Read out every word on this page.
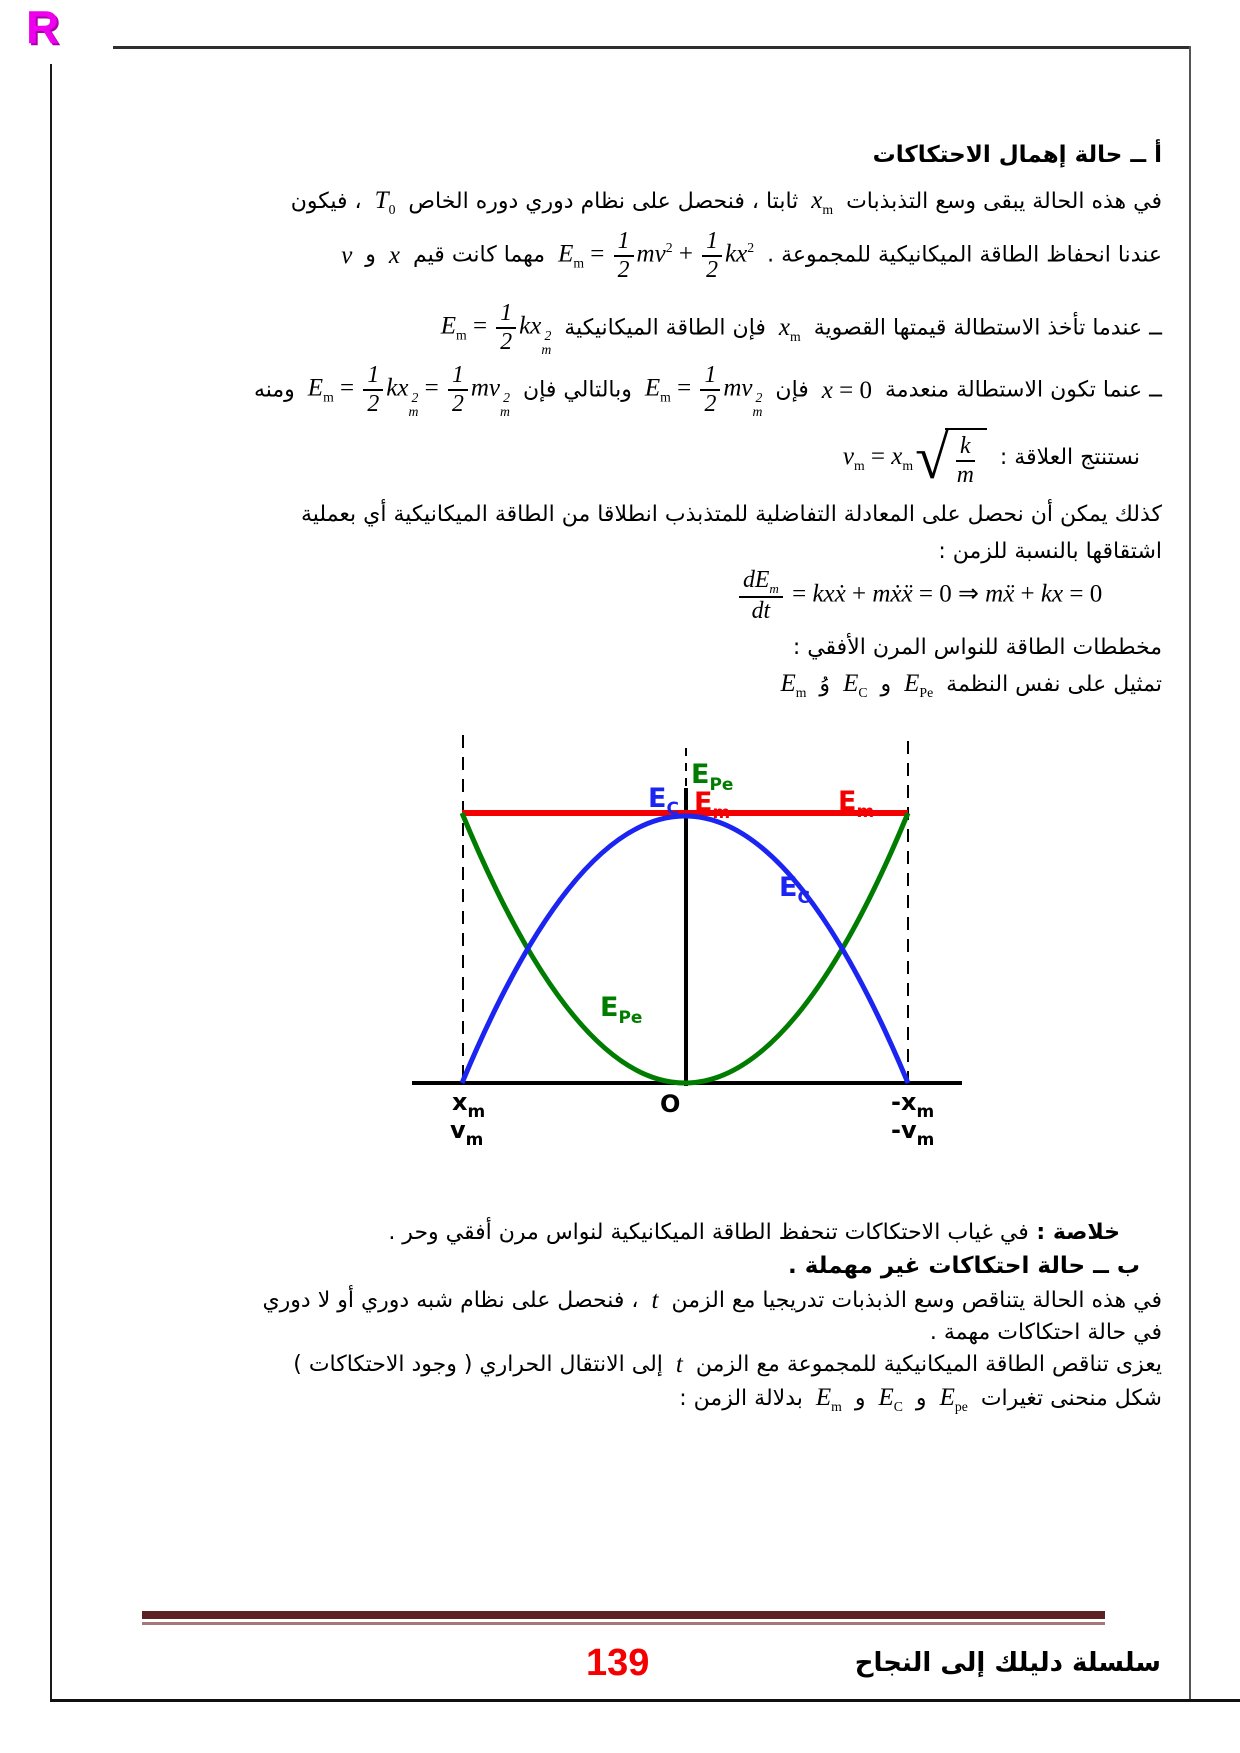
R
أ ــ حالة إهمال الاحتكاكات
في هذه الحالة يبقى وسع التذبذبات $x_m$ ثابتا ، فنحصل على نظام دوري دوره الخاص $T_0$ ، فيكون
عندنا انحفاظ الطاقة الميكانيكية للمجموعة . $E_m = \frac{1}{2} mv^2 + \frac{1}{2} kx^2$ مهما كانت قيم x و v
ــ عندما تأخذ الاستطالة قيمتها القصوية $x_m$ فإن الطاقة الميكانيكية $E_m = \frac{1}{2}$ kx 2
m
ــ عنما تكون الاستطالة منعدمة x = 0 فإن $E_m = \frac{1}{2}$ mv 2
m
وبالتالي فإن $E_m = \frac{1}{2}$ kx 2
m
= $\frac{1}{2}$ mv 2
m
ومنه
نستنتج العلاقة : $v_m = x_m$ √ $\frac{k}{m}$
كذلك يمكن أن نحصل على المعادلة التفاضلية للمتذبذب انطلاقا من الطاقة الميكانيكية أي بعملية
اشتقاقها بالنسبة للزمن :
$\frac{dE_m}{dt}$ = kxẋ + mẋẍ = 0 ⇒ mẍ + kx = 0
مخططات الطاقة للنواس المرن الأفقي :
تمثيل على نفس النظمة $E_{Pe}$ و $E_C$ وُ $E_m$
$E_{Pe}$
$E_C$ $E_m$	$E_m$
$E_C$
$E_{Pe}$
$x_m$
$v_m$
O	$-x_m$
$-v_m$
خلاصة : في غياب الاحتكاكات تنحفظ الطاقة الميكانيكية لنواس مرن أفقي وحر .
ب ــ حالة احتكاكات غير مهملة .
في هذه الحالة يتناقص وسع الذبذبات تدريجيا مع الزمن t ، فنحصل على نظام شبه دوري أو لا دوري
في حالة احتكاكات مهمة .
يعزى تناقص الطاقة الميكانيكية للمجموعة مع الزمن t إلى الانتقال الحراري ( وجود الاحتكاكات )
شكل منحنى تغيرات $E_{pe}$ و $E_C$ و $E_m$ بدلالة الزمن :
سلسلة دليلك إلى النجاح
139
